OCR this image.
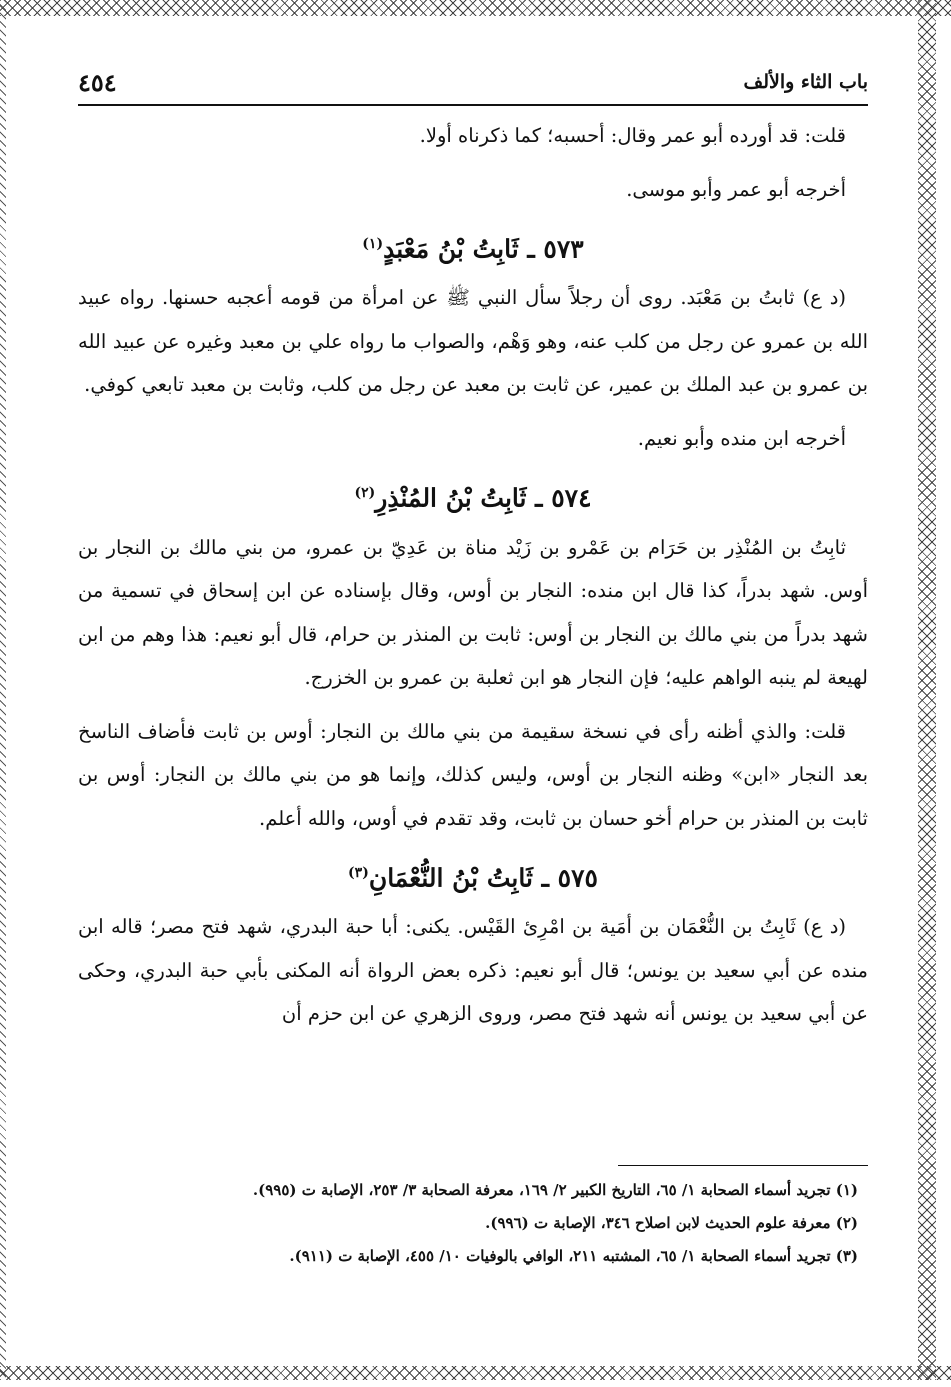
باب الثاء والألف
٤٥٤

قلت: قد أورده أبو عمر وقال: أحسبه؛ كما ذكرناه أولا.

أخرجه أبو عمر وأبو موسى.

٥٧٣ ـ ثَابِتُ بْنُ مَعْبَدٍ$^{(١)}$

(د ع) ثابتُ بن مَعْبَد. روى أن رجلاً سأل النبي ﷺ عن امرأة من قومه أعجبه حسنها. رواه عبيد الله بن عمرو عن رجل من كلب عنه، وهو وَهْم، والصواب ما رواه علي بن معبد وغيره عن عبيد الله بن عمرو بن عبد الملك بن عمير، عن ثابت بن معبد عن رجل من كلب، وثابت بن معبد تابعي كوفي.

أخرجه ابن منده وأبو نعيم.

٥٧٤ ـ ثَابِتُ بْنُ المُنْذِرِ$^{(٢)}$

ثابِتُ بن المُنْذِر بن حَرَام بن عَمْرو بن زَيْد مناة بن عَدِيّ بن عمرو، من بني مالك بن النجار بن أوس. شهد بدراً، كذا قال ابن منده: النجار بن أوس، وقال بإسناده عن ابن إسحاق في تسمية من شهد بدراً من بني مالك بن النجار بن أوس: ثابت بن المنذر بن حرام، قال أبو نعيم: هذا وهم من ابن لهيعة لم ينبه الواهم عليه؛ فإن النجار هو ابن ثعلبة بن عمرو بن الخزرج.

قلت: والذي أظنه رأى في نسخة سقيمة من بني مالك بن النجار: أوس بن ثابت فأضاف الناسخ بعد النجار «ابن» وظنه النجار بن أوس، وليس كذلك، وإنما هو من بني مالك بن النجار: أوس بن ثابت بن المنذر بن حرام أخو حسان بن ثابت، وقد تقدم في أوس، والله أعلم.

٥٧٥ ـ ثَابِتُ بْنُ النُّعْمَانِ$^{(٣)}$

(د ع) ثَابِتُ بن النُّعْمَان بن أمَية بن امْرِئ القَيْس. يكنى: أبا حبة البدري، شهد فتح مصر؛ قاله ابن منده عن أبي سعيد بن يونس؛ قال أبو نعيم: ذكره بعض الرواة أنه المكنى بأبي حبة البدري، وحكى عن أبي سعيد بن يونس أنه شهد فتح مصر، وروى الزهري عن ابن حزم أن

(١) تجريد أسماء الصحابة ١/ ٦٥، التاريخ الكبير ٢/ ١٦٩، معرفة الصحابة ٣/ ٢٥٣، الإصابة ت (٩٩٥).
(٢) معرفة علوم الحديث لابن اصلاح ٣٤٦، الإصابة ت (٩٩٦).
(٣) تجريد أسماء الصحابة ١/ ٦٥، المشتبه ٢١١، الوافي بالوفيات ١٠/ ٤٥٥، الإصابة ت (٩١١).
